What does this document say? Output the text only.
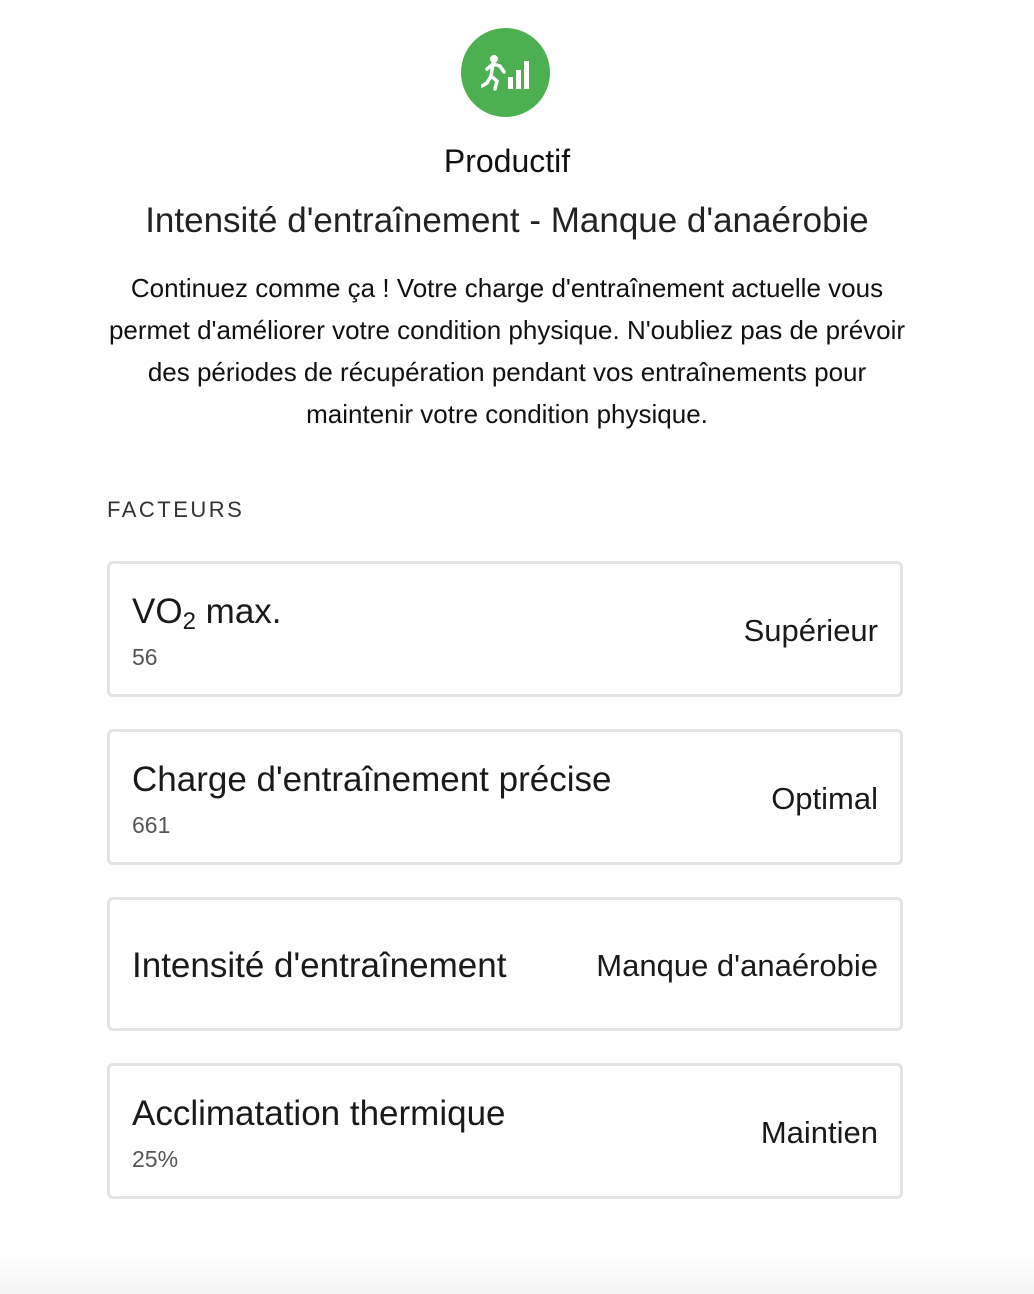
Productif
Intensité d'entraînement - Manque d'anaérobie
Continuez comme ça ! Votre charge d'entraînement actuelle vous permet d'améliorer votre condition physique. N'oubliez pas de prévoir des périodes de récupération pendant vos entraînements pour maintenir votre condition physique.
FACTEURS
$VO_2$ max.
56
Supérieur
Charge d'entraînement précise
661
Optimal
Intensité d'entraînement	Manque d'anaérobie
Acclimatation thermique
25%
Maintien
